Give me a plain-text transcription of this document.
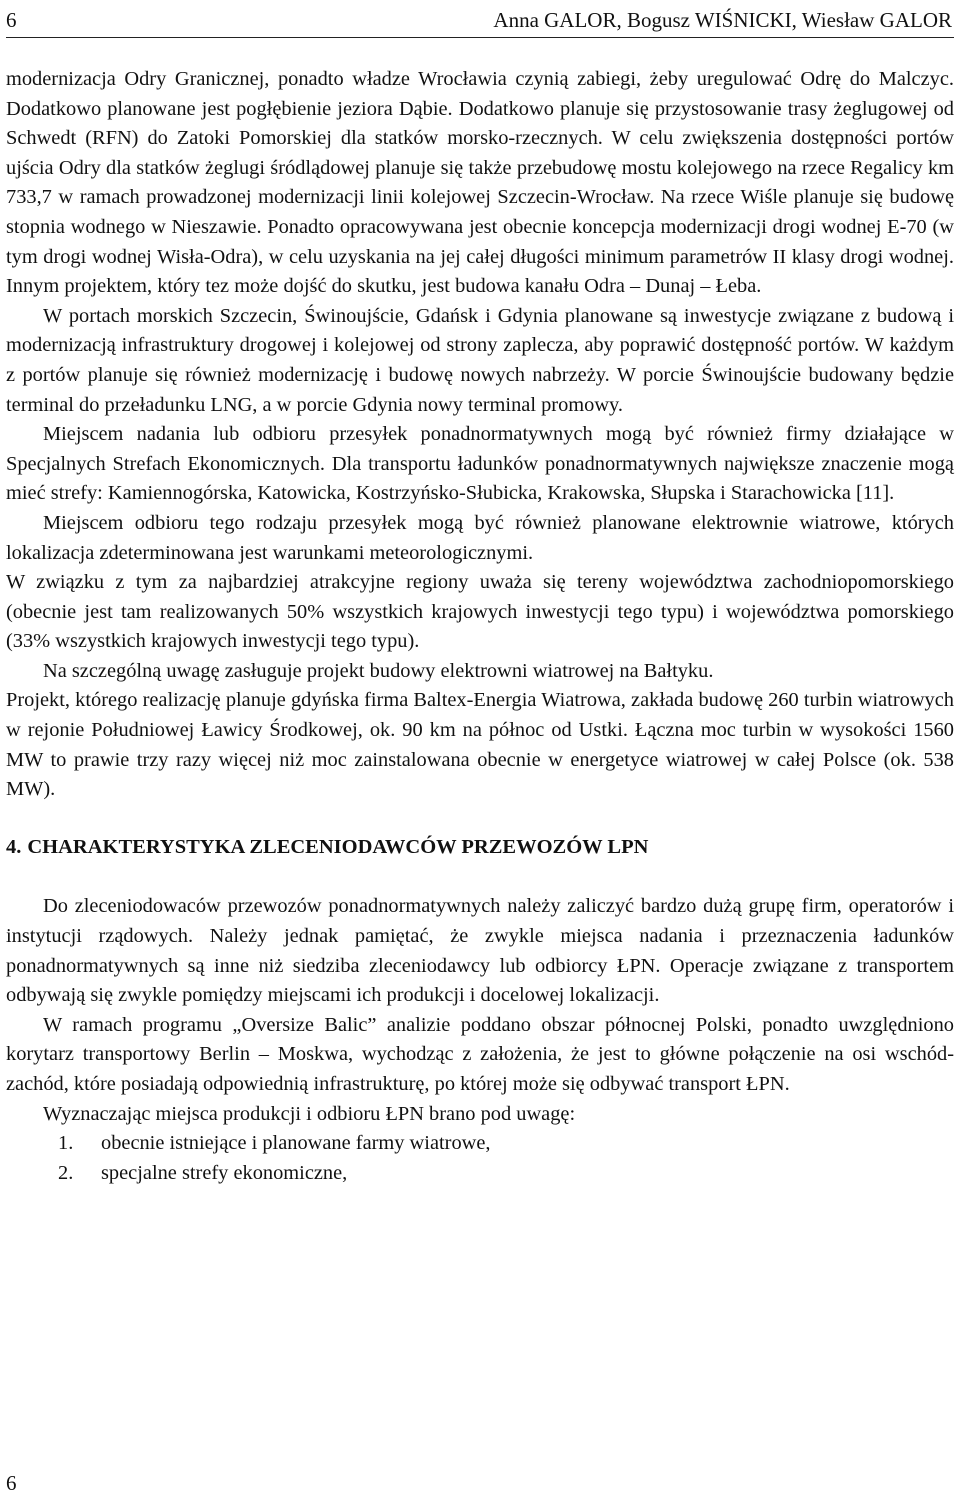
6	Anna GALOR, Bogusz WIŚNICKI, Wiesław GALOR

modernizacja Odry Granicznej, ponadto władze Wrocławia czynią zabiegi, żeby uregulować Odrę do Malczyc. Dodatkowo planowane jest pogłębienie jeziora Dąbie. Dodatkowo planuje się przystosowanie trasy żeglugowej od Schwedt (RFN) do Zatoki Pomorskiej dla statków morsko-rzecznych. W celu zwiększenia dostępności portów ujścia Odry dla statków żeglugi śródlądowej planuje się także przebudowę mostu kolejowego na rzece Regalicy km 733,7 w ramach prowadzonej modernizacji linii kolejowej Szczecin-Wrocław. Na rzece Wiśle planuje się budowę stopnia wodnego w Nieszawie. Ponadto opracowywana jest obecnie koncepcja modernizacji drogi wodnej E-70 (w tym drogi wodnej Wisła-Odra), w celu uzyskania na jej całej długości minimum parametrów II klasy drogi wodnej. Innym projektem, który tez może dojść do skutku, jest budowa kanału Odra – Dunaj – Łeba.

W portach morskich Szczecin, Świnoujście, Gdańsk i Gdynia planowane są inwestycje związane z budową i modernizacją infrastruktury drogowej i kolejowej od strony zaplecza, aby poprawić dostępność portów. W każdym z portów planuje się również modernizację i budowę nowych nabrzeży. W porcie Świnoujście budowany będzie terminal do przeładunku LNG, a w porcie Gdynia nowy terminal promowy.

Miejscem nadania lub odbioru przesyłek ponadnormatywnych mogą być również firmy działające w Specjalnych Strefach Ekonomicznych. Dla transportu ładunków ponadnormatywnych największe znaczenie mogą mieć strefy: Kamiennogórska, Katowicka, Kostrzyńsko-Słubicka, Krakowska, Słupska i Starachowicka [11].

Miejscem odbioru tego rodzaju przesyłek mogą być również planowane elektrownie wiatrowe, których lokalizacja zdeterminowana jest warunkami meteorologicznymi.

W związku z tym za najbardziej atrakcyjne regiony uważa się tereny województwa zachodniopomorskiego (obecnie jest tam realizowanych 50% wszystkich krajowych inwestycji tego typu) i województwa pomorskiego (33% wszystkich krajowych inwestycji tego typu).

Na szczególną uwagę zasługuje projekt budowy elektrowni wiatrowej na Bałtyku.

Projekt, którego realizację planuje gdyńska firma Baltex-Energia Wiatrowa, zakłada budowę 260 turbin wiatrowych w rejonie Południowej Ławicy Środkowej, ok. 90 km na północ od Ustki. Łączna moc turbin w wysokości 1560 MW to prawie trzy razy więcej niż moc zainstalowana obecnie w energetyce wiatrowej w całej Polsce (ok. 538 MW).

4. CHARAKTERYSTYKA ZLECENIODAWCÓW PRZEWOZÓW LPN

Do zleceniodowaców przewozów ponadnormatywnych należy zaliczyć bardzo dużą grupę firm, operatorów i instytucji rządowych. Należy jednak pamiętać, że zwykle miejsca nadania i przeznaczenia ładunków ponadnormatywnych są inne niż siedziba zleceniodawcy lub odbiorcy ŁPN. Operacje związane z transportem odbywają się zwykle pomiędzy miejscami ich produkcji i docelowej lokalizacji.

W ramach programu „Oversize Balic” analizie poddano obszar północnej Polski, ponadto uwzględniono korytarz transportowy Berlin – Moskwa, wychodząc z założenia, że jest to główne połączenie na osi wschód-zachód, które posiadają odpowiednią infrastrukturę, po której może się odbywać transport ŁPN.

Wyznaczając miejsca produkcji i odbioru ŁPN brano pod uwagę:

1. obecnie istniejące i planowane farmy wiatrowe,
2. specjalne strefy ekonomiczne,
6
